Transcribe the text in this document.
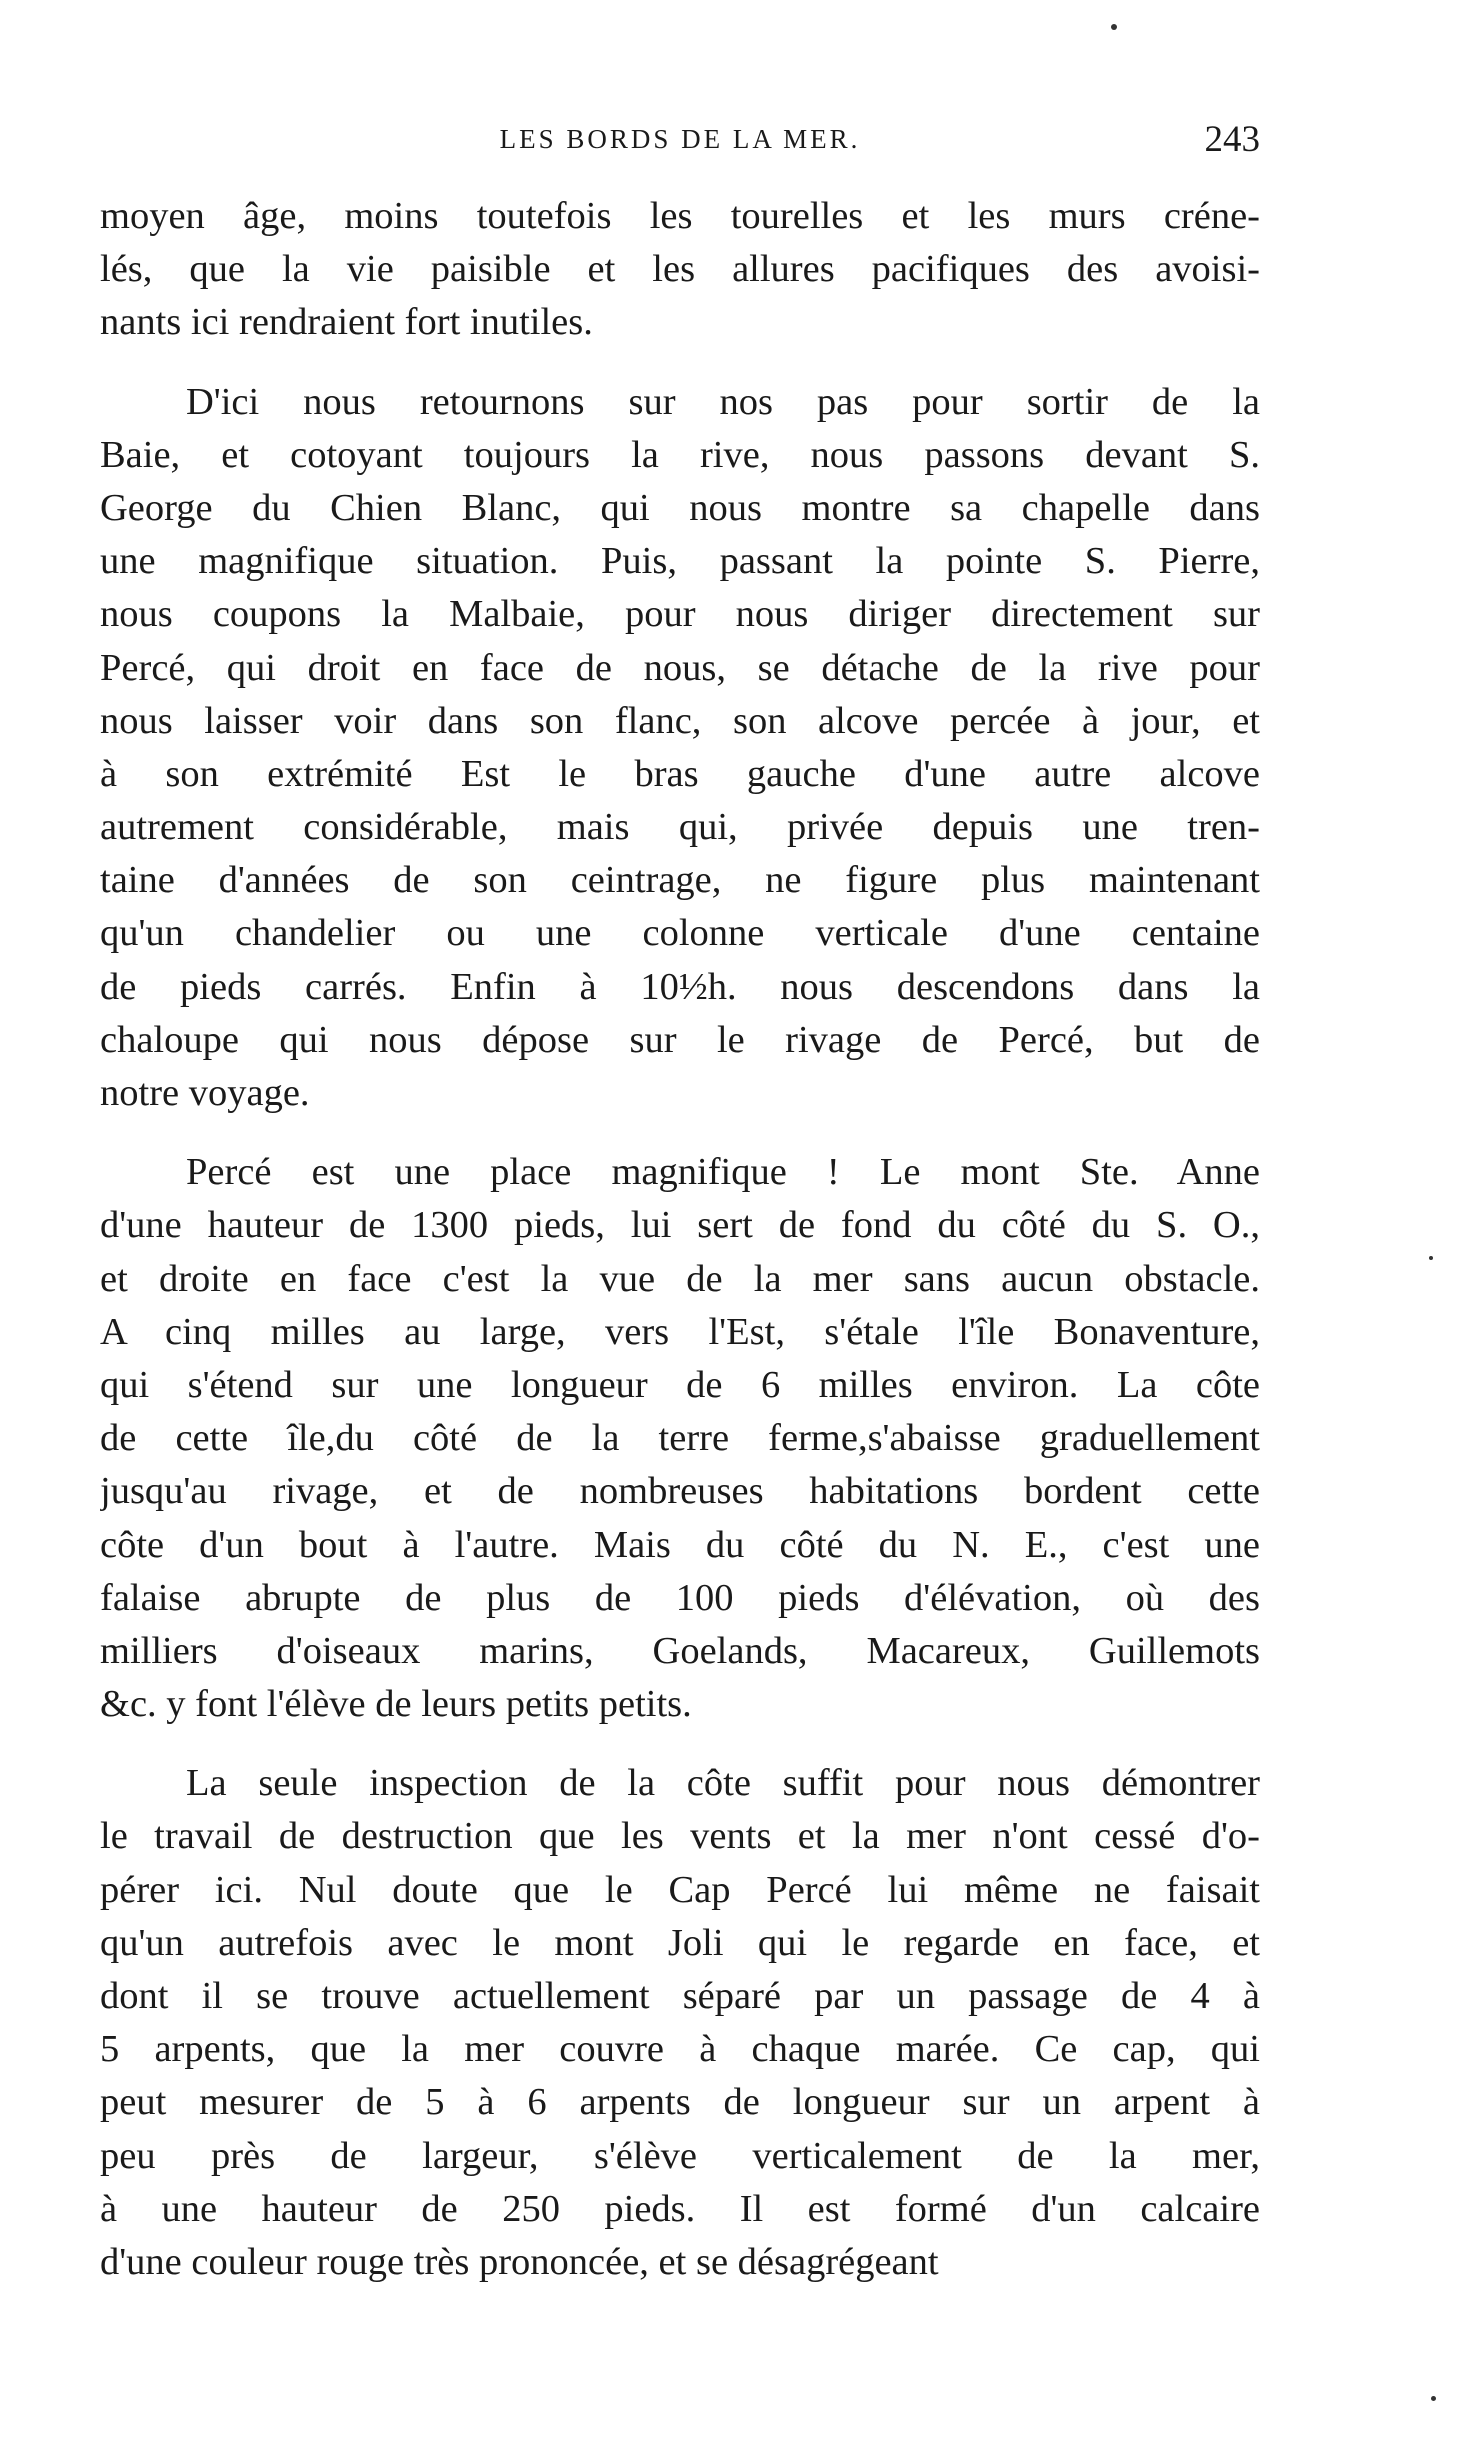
LES BORDS DE LA MER.	243
moyen âge, moins toutefois les tourelles et les murs créne-
lés, que la vie paisible et les allures pacifiques des avoisi-
nants ici rendraient fort inutiles.
D'ici nous retournons sur nos pas pour sortir de la
Baie, et cotoyant toujours la rive, nous passons devant S.
George du Chien Blanc, qui nous montre sa chapelle dans
une magnifique situation. Puis, passant la pointe S. Pierre,
nous coupons la Malbaie, pour nous diriger directement sur
Percé, qui droit en face de nous, se détache de la rive pour
nous laisser voir dans son flanc, son alcove percée à jour, et
à son extrémité Est le bras gauche d'une autre alcove
autrement considérable, mais qui, privée depuis une tren-
taine d'années de son ceintrage, ne figure plus maintenant
qu'un chandelier ou une colonne verticale d'une centaine
de pieds carrés. Enfin à 10½h. nous descendons dans la
chaloupe qui nous dépose sur le rivage de Percé, but de
notre voyage.
Percé est une place magnifique ! Le mont Ste. Anne
d'une hauteur de 1300 pieds, lui sert de fond du côté du S. O.,
et droite en face c'est la vue de la mer sans aucun obstacle.
A cinq milles au large, vers l'Est, s'étale l'île Bonaventure,
qui s'étend sur une longueur de 6 milles environ. La côte
de cette île,du côté de la terre ferme,s'abaisse graduellement
jusqu'au rivage, et de nombreuses habitations bordent cette
côte d'un bout à l'autre. Mais du côté du N. E., c'est une
falaise abrupte de plus de 100 pieds d'élévation, où des
milliers d'oiseaux marins, Goelands, Macareux, Guillemots
&c. y font l'élève de leurs petits petits.
La seule inspection de la côte suffit pour nous démontrer
le travail de destruction que les vents et la mer n'ont cessé d'o-
pérer ici. Nul doute que le Cap Percé lui même ne faisait
qu'un autrefois avec le mont Joli qui le regarde en face, et
dont il se trouve actuellement séparé par un passage de 4 à
5 arpents, que la mer couvre à chaque marée. Ce cap, qui
peut mesurer de 5 à 6 arpents de longueur sur un arpent à
peu près de largeur, s'élève verticalement de la mer,
à une hauteur de 250 pieds. Il est formé d'un calcaire
d'une couleur rouge très prononcée, et se désagrégeant
